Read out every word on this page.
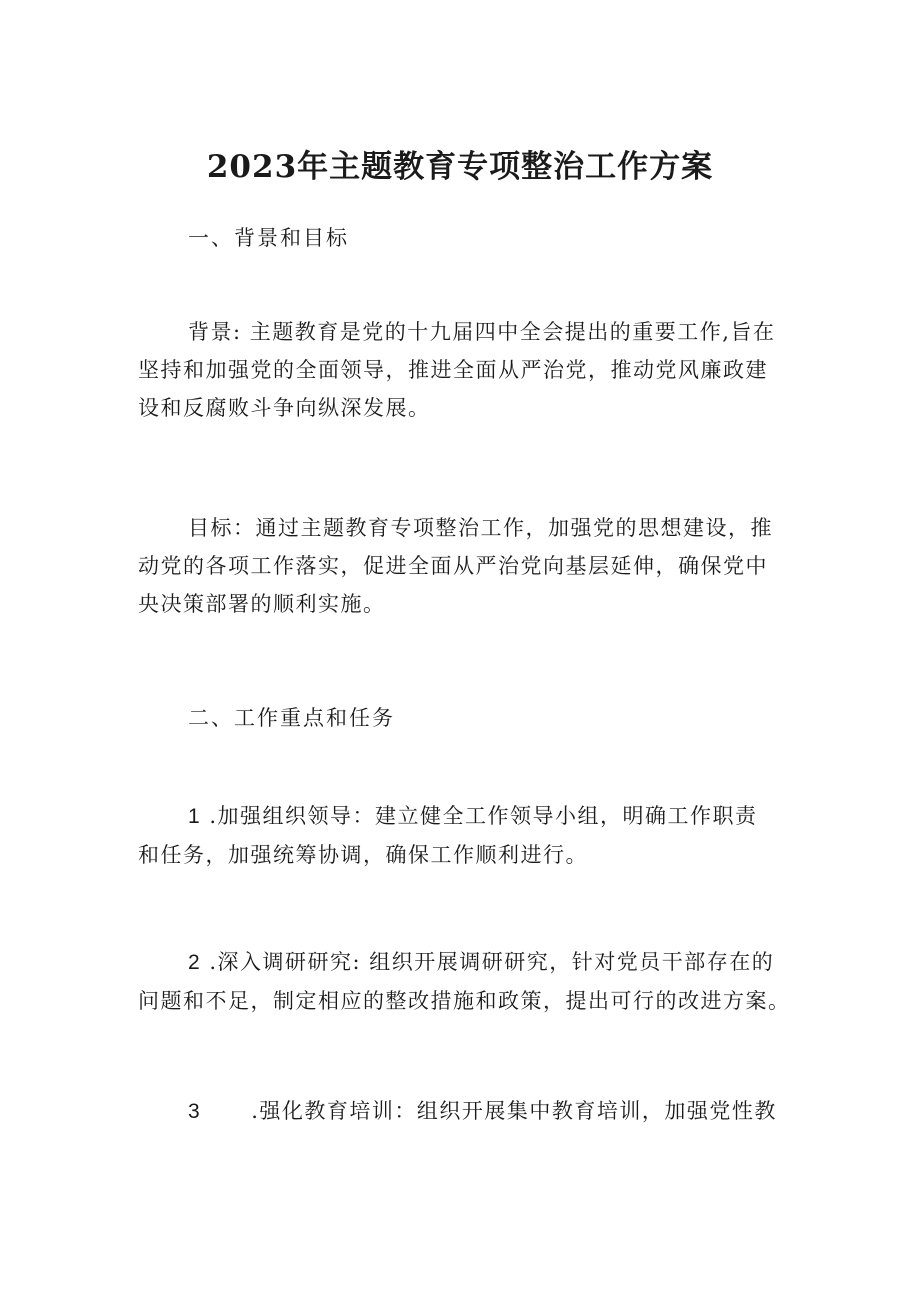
2023年主题教育专项整治工作方案
一、背景和目标
背景: 主题教育是党的十九届四中全会提出的重要工作,旨在
坚持和加强党的全面领导，推进全面从严治党，推动党风廉政建
设和反腐败斗争向纵深发展。
目标：通过主题教育专项整治工作，加强党的思想建设，推
动党的各项工作落实，促进全面从严治党向基层延伸，确保党中
央决策部署的顺利实施。
二、工作重点和任务
1 .加强组织领导：建立健全工作领导小组，明确工作职责
和任务，加强统筹协调，确保工作顺利进行。
2 .深入调研研究: 组织开展调研研究，针对党员干部存在的
问题和不足，制定相应的整改措施和政策，提出可行的改进方案。
3 .强化教育培训：组织开展集中教育培训，加强党性教
